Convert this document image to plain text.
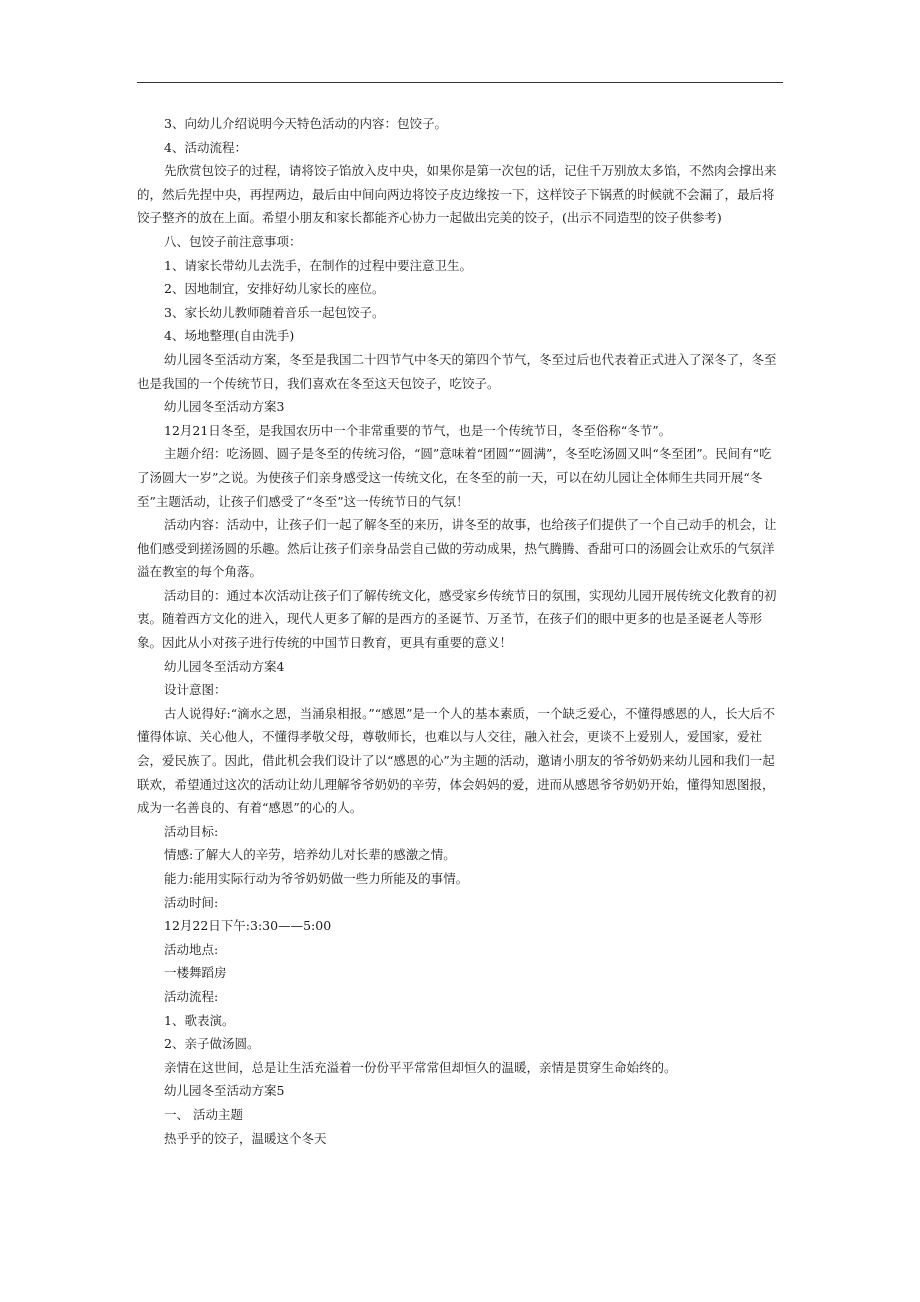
3、向幼儿介绍说明今天特色活动的内容：包饺子。

4、活动流程：

先欣赏包饺子的过程，请将饺子馅放入皮中央，如果你是第一次包的话，记住千万别放太多馅，不然肉会撑出来的，然后先捏中央，再捏两边，最后由中间向两边将饺子皮边缘按一下，这样饺子下锅煮的时候就不会漏了，最后将饺子整齐的放在上面。希望小朋友和家长都能齐心协力一起做出完美的饺子，(出示不同造型的饺子供参考)

八、包饺子前注意事项：

1、请家长带幼儿去洗手，在制作的过程中要注意卫生。

2、因地制宜，安排好幼儿家长的座位。

3、家长幼儿教师随着音乐一起包饺子。

4、场地整理(自由洗手)

幼儿园冬至活动方案，冬至是我国二十四节气中冬天的第四个节气，冬至过后也代表着正式进入了深冬了，冬至也是我国的一个传统节日，我们喜欢在冬至这天包饺子，吃饺子。

幼儿园冬至活动方案3

12月21日冬至，是我国农历中一个非常重要的节气，也是一个传统节日，冬至俗称“冬节”。

主题介绍：吃汤圆、圆子是冬至的传统习俗，“圆”意味着“团圆”“圆满”，冬至吃汤圆又叫“冬至团”。民间有“吃了汤圆大一岁”之说。为使孩子们亲身感受这一传统文化，在冬至的前一天，可以在幼儿园让全体师生共同开展“冬至”主题活动，让孩子们感受了“冬至”这一传统节日的气氛！

活动内容：活动中，让孩子们一起了解冬至的来历，讲冬至的故事，也给孩子们提供了一个自己动手的机会，让他们感受到搓汤圆的乐趣。然后让孩子们亲身品尝自己做的劳动成果，热气腾腾、香甜可口的汤圆会让欢乐的气氛洋溢在教室的每个角落。

活动目的：通过本次活动让孩子们了解传统文化，感受家乡传统节日的氛围，实现幼儿园开展传统文化教育的初衷。随着西方文化的进入，现代人更多了解的是西方的圣诞节、万圣节，在孩子们的眼中更多的也是圣诞老人等形象。因此从小对孩子进行传统的中国节日教育，更具有重要的意义！

幼儿园冬至活动方案4

设计意图：

古人说得好:“滴水之恩，当涌泉相报。”“感恩”是一个人的基本素质，一个缺乏爱心，不懂得感恩的人，长大后不懂得体谅、关心他人，不懂得孝敬父母，尊敬师长，也难以与人交往，融入社会，更谈不上爱别人，爱国家，爱社会，爱民族了。因此，借此机会我们设计了以“感恩的心”为主题的活动，邀请小朋友的爷爷奶奶来幼儿园和我们一起联欢，希望通过这次的活动让幼儿理解爷爷奶奶的辛劳，体会妈妈的爱，进而从感恩爷爷奶奶开始，懂得知恩图报，成为一名善良的、有着“感恩”的心的人。

活动目标:

情感:了解大人的辛劳，培养幼儿对长辈的感激之情。

能力:能用实际行动为爷爷奶奶做一些力所能及的事情。

活动时间:

12月22日下午:3:30——5:00

活动地点:

一楼舞蹈房

活动流程:

1、歌表演。

2、亲子做汤圆。

亲情在这世间，总是让生活充溢着一份份平平常常但却恒久的温暖，亲情是贯穿生命始终的。

幼儿园冬至活动方案5

一、 活动主题

热乎乎的饺子，温暖这个冬天
